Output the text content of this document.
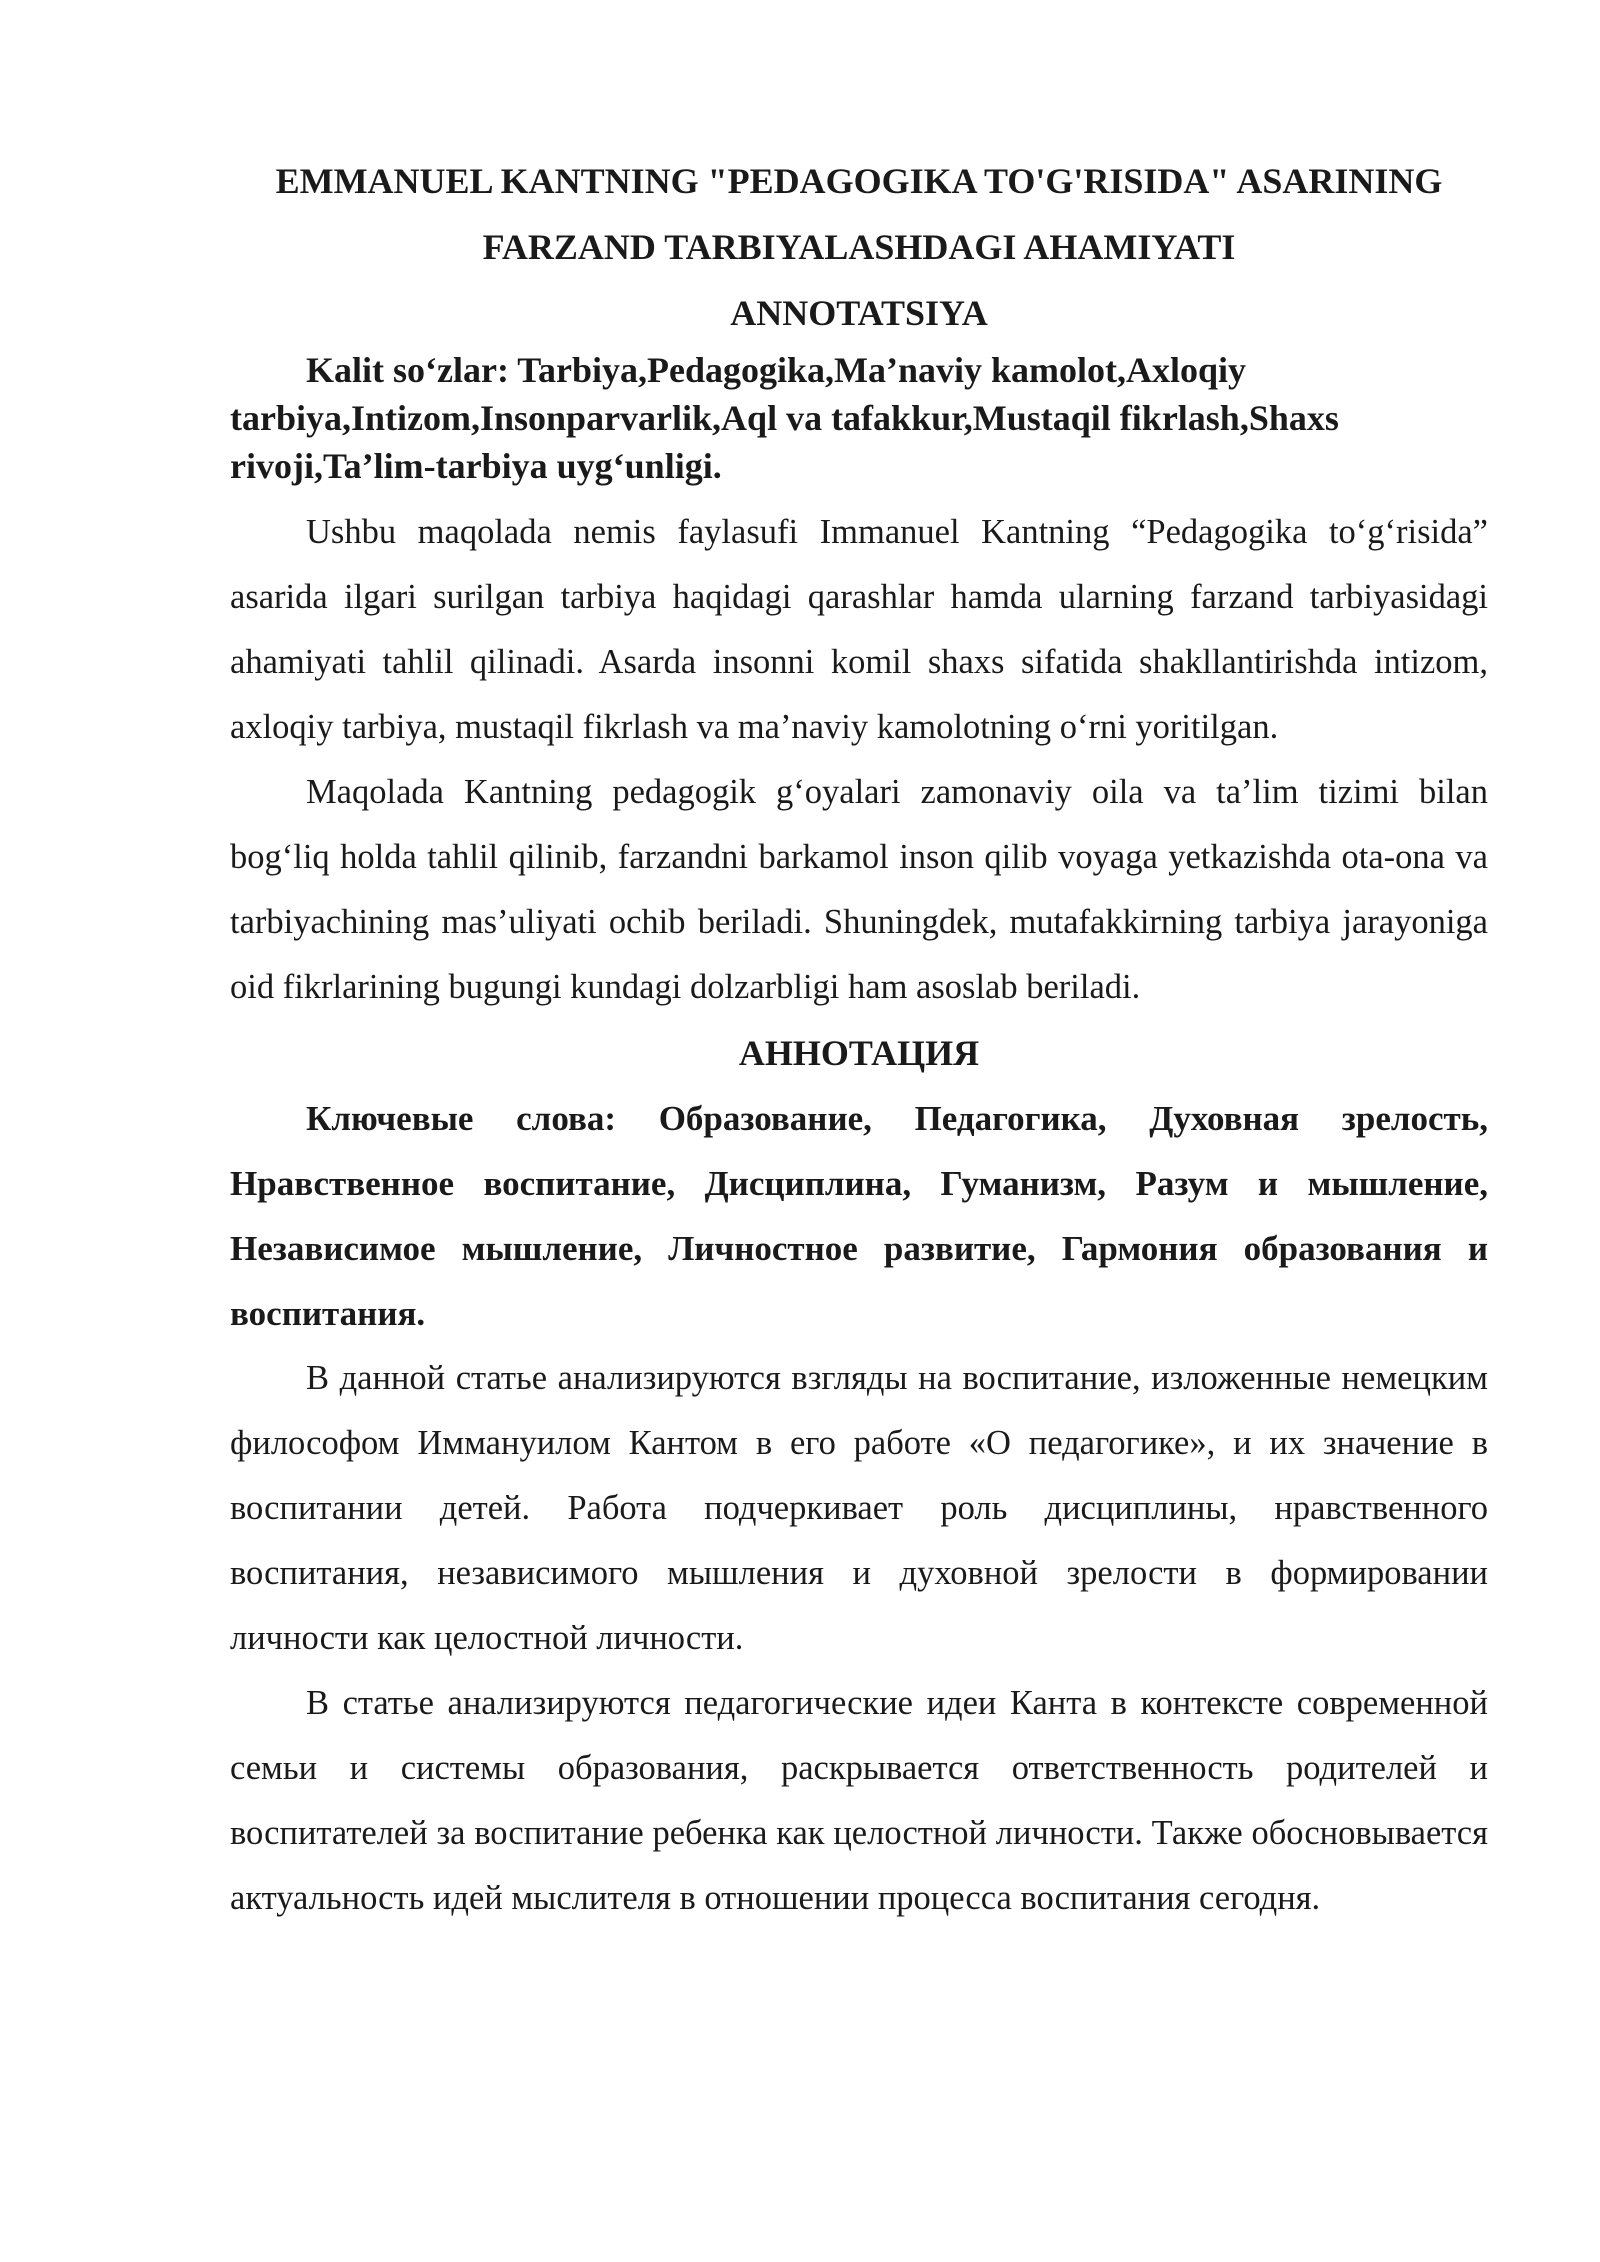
EMMANUEL KANTNING "PEDAGOGIKA TO'G'RISIDA" ASARINING

FARZAND TARBIYALASHDAGI AHAMIYATI

ANNOTATSIYA

Kalit so‘zlar: Tarbiya,Pedagogika,Ma’naviy kamolot,Axloqiy tarbiya,Intizom,Insonparvarlik,Aql va tafakkur,Mustaqil fikrlash,Shaxs rivoji,Ta’lim-tarbiya uyg‘unligi.

Ushbu maqolada nemis faylasufi Immanuel Kantning “Pedagogika to‘g‘risida” asarida ilgari surilgan tarbiya haqidagi qarashlar hamda ularning farzand tarbiyasidagi ahamiyati tahlil qilinadi. Asarda insonni komil shaxs sifatida shakllantirishda intizom, axloqiy tarbiya, mustaqil fikrlash va ma’naviy kamolotning o‘rni yoritilgan.

Maqolada Kantning pedagogik g‘oyalari zamonaviy oila va ta’lim tizimi bilan bog‘liq holda tahlil qilinib, farzandni barkamol inson qilib voyaga yetkazishda ota-ona va tarbiyachining mas’uliyati ochib beriladi. Shuningdek, mutafakkirning tarbiya jarayoniga oid fikrlarining bugungi kundagi dolzarbligi ham asoslab beriladi.

АННОТАЦИЯ

Ключевые слова: Образование, Педагогика, Духовная зрелость, Нравственное воспитание, Дисциплина, Гуманизм, Разум и мышление, Независимое мышление, Личностное развитие, Гармония образования и воспитания.

В данной статье анализируются взгляды на воспитание, изложенные немецким философом Иммануилом Кантом в его работе «О педагогике», и их значение в воспитании детей. Работа подчеркивает роль дисциплины, нравственного воспитания, независимого мышления и духовной зрелости в формировании личности как целостной личности.

В статье анализируются педагогические идеи Канта в контексте современной семьи и системы образования, раскрывается ответственность родителей и воспитателей за воспитание ребенка как целостной личности. Также обосновывается актуальность идей мыслителя в отношении процесса воспитания сегодня.
